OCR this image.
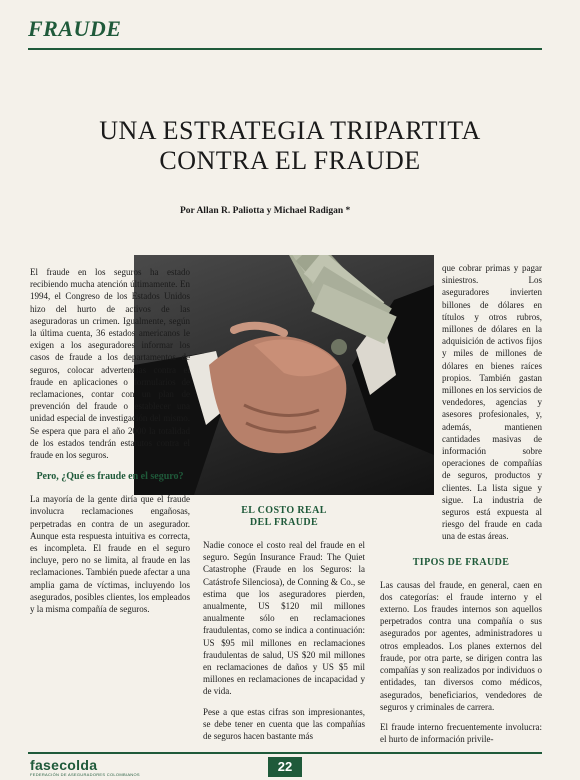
FRAUDE
UNA ESTRATEGIA TRIPARTITA
CONTRA EL FRAUDE
Por Allan R. Paliotta y Michael Radigan *

El fraude en los seguros ha estado recibiendo mucha atención últimamente. En 1994, el Congreso de los Estados Unidos hizo del hurto de activos de las aseguradoras un crimen. Igualmente, según la última cuenta, 36 estados americanos le exigen a los aseguradores informar los casos de fraude a los departamentos de seguros, colocar advertencias contra el fraude en aplicaciones o formularios de reclamaciones, contar con un plan de prevención del fraude o establecer una unidad especial de investigación del mismo. Se espera que para el año 2000 la totalidad de los estados tendrán estatutos contra el fraude en los seguros.

Pero, ¿Qué es fraude en el seguro?

La mayoría de la gente diría que el fraude involucra reclamaciones engañosas, perpetradas en contra de un asegurador. Aunque esta respuesta intuitiva es correcta, es incompleta. El fraude en el seguro incluye, pero no se limita, al fraude en las reclamaciones. También puede afectar a una amplia gama de víctimas, incluyendo los asegurados, posibles clientes, los empleados y la misma compañía de seguros.

EL COSTO REAL DEL FRAUDE

Nadie conoce el costo real del fraude en el seguro. Según Insurance Fraud: The Quiet Catastrophe (Fraude en los Seguros: la Catástrofe Silenciosa), de Conning & Co., se estima que los aseguradores pierden, anualmente, US $120 mil millones anualmente sólo en reclamaciones fraudulentas, como se indica a continuación: US $95 mil millones en reclamaciones fraudulentas de salud, US $20 mil millones en reclamaciones de daños y US $5 mil millones en reclamaciones de incapacidad y de vida.

Pese a que estas cifras son impresionantes, se debe tener en cuenta que las compañías de seguros hacen bastante más

que cobrar primas y pagar siniestros. Los aseguradores invierten billones de dólares en títulos y otros rubros, millones de dólares en la adquisición de activos fijos y miles de millones de dólares en bienes raíces propios. También gastan millones en los servicios de vendedores, agencias y asesores profesionales, y, además, mantienen cantidades masivas de información sobre operaciones de compañías de seguros, productos y clientes. La lista sigue y sigue. La industria de seguros está expuesta al riesgo del fraude en cada una de estas áreas.

TIPOS DE FRAUDE

Las causas del fraude, en general, caen en dos categorías: el fraude interno y el externo. Los fraudes internos son aquellos perpetrados contra una compañía o sus asegurados por agentes, administradores u otros empleados. Los planes externos del fraude, por otra parte, se dirigen contra las compañías y son realizados por individuos o entidades, tan diversos como médicos, asegurados, beneficiarios, vendedores de seguros y criminales de carrera.

El fraude interno frecuentemente involucra: el hurto de información privile-

fasecolda
FEDERACIÓN DE ASEGURADORES COLOMBIANOS
22
